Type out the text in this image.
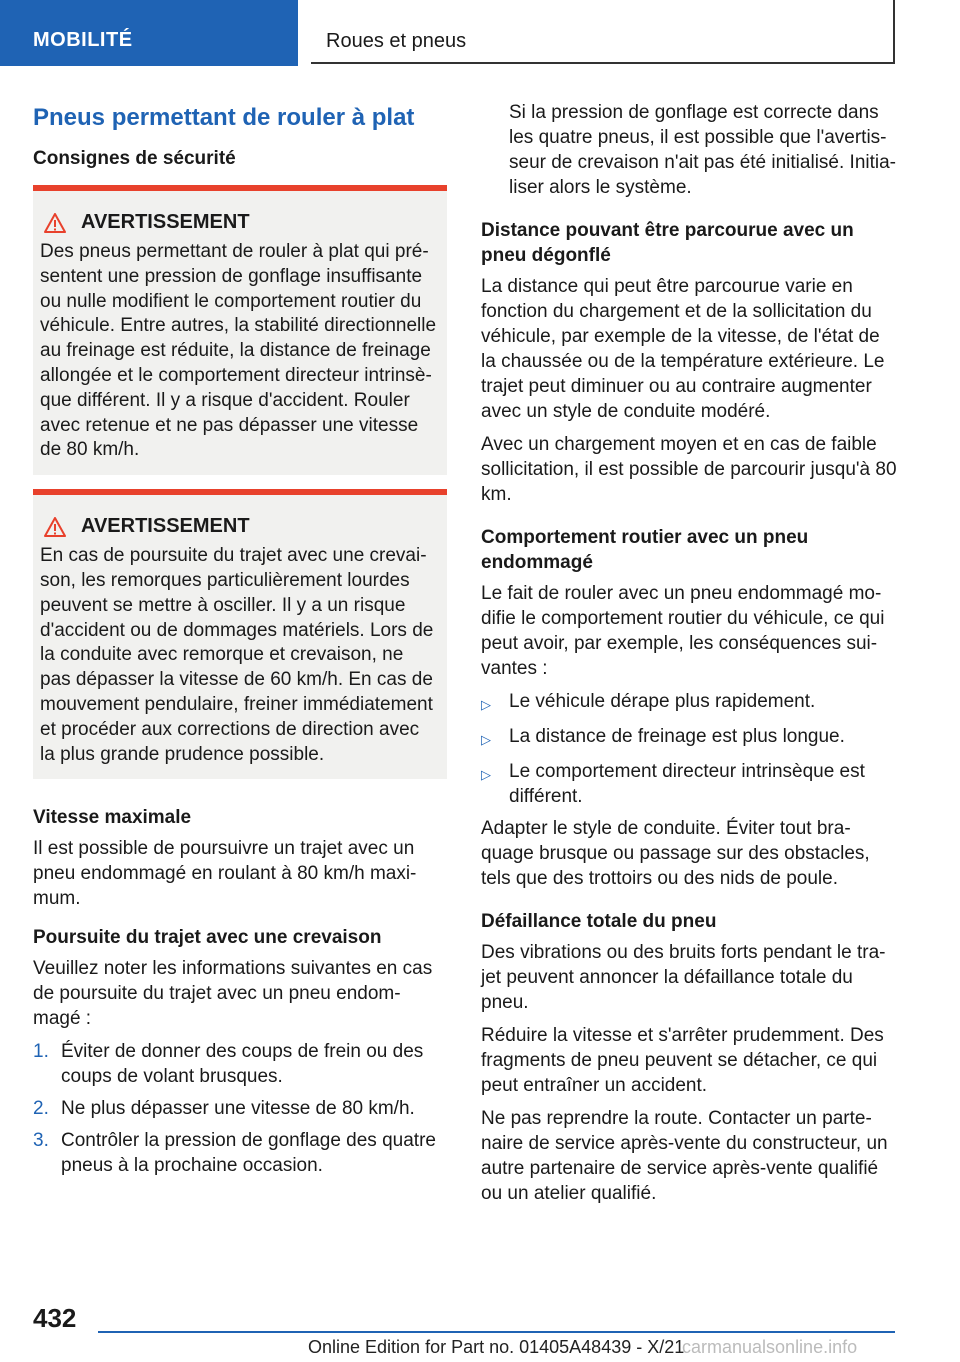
MOBILITÉ	Roues et pneus
Pneus permettant de rouler à plat
Consignes de sécurité
AVERTISSEMENT
Des pneus permettant de rouler à plat qui pré-sentent une pression de gonflage insuffisante ou nulle modifient le comportement routier du véhicule. Entre autres, la stabilité directionnelle au freinage est réduite, la distance de freinage allongée et le comportement directeur intrinsè-que différent. Il y a risque d'accident. Rouler avec retenue et ne pas dépasser une vitesse de 80 km/h.
AVERTISSEMENT
En cas de poursuite du trajet avec une crevai-son, les remorques particulièrement lourdes peuvent se mettre à osciller. Il y a un risque d'accident ou de dommages matériels. Lors de la conduite avec remorque et crevaison, ne pas dépasser la vitesse de 60 km/h. En cas de mouvement pendulaire, freiner immédiatement et procéder aux corrections de direction avec la plus grande prudence possible.
Vitesse maximale
Il est possible de poursuivre un trajet avec un pneu endommagé en roulant à 80 km/h maxi-mum.
Poursuite du trajet avec une crevaison
Veuillez noter les informations suivantes en cas de poursuite du trajet avec un pneu endom-magé :
1. Éviter de donner des coups de frein ou des coups de volant brusques.
2. Ne plus dépasser une vitesse de 80 km/h.
3. Contrôler la pression de gonflage des quatre pneus à la prochaine occasion.
Si la pression de gonflage est correcte dans les quatre pneus, il est possible que l'avertis-seur de crevaison n'ait pas été initialisé. Initia-liser alors le système.
Distance pouvant être parcourue avec un pneu dégonflé
La distance qui peut être parcourue varie en fonction du chargement et de la sollicitation du véhicule, par exemple de la vitesse, de l'état de la chaussée ou de la température extérieure. Le trajet peut diminuer ou au contraire augmenter avec un style de conduite modéré.
Avec un chargement moyen et en cas de faible sollicitation, il est possible de parcourir jusqu'à 80 km.
Comportement routier avec un pneu endommagé
Le fait de rouler avec un pneu endommagé mo-difie le comportement routier du véhicule, ce qui peut avoir, par exemple, les conséquences sui-vantes :
▷ Le véhicule dérape plus rapidement.
▷ La distance de freinage est plus longue.
▷ Le comportement directeur intrinsèque est différent.
Adapter le style de conduite. Éviter tout bra-quage brusque ou passage sur des obstacles, tels que des trottoirs ou des nids de poule.
Défaillance totale du pneu
Des vibrations ou des bruits forts pendant le tra-jet peuvent annoncer la défaillance totale du pneu.
Réduire la vitesse et s'arrêter prudemment. Des fragments de pneu peuvent se détacher, ce qui peut entraîner un accident.
Ne pas reprendre la route. Contacter un parte-naire de service après-vente du constructeur, un autre partenaire de service après-vente qualifié ou un atelier qualifié.
432
Online Edition for Part no. 01405A48439 - X/21
carmanualsonline.info
